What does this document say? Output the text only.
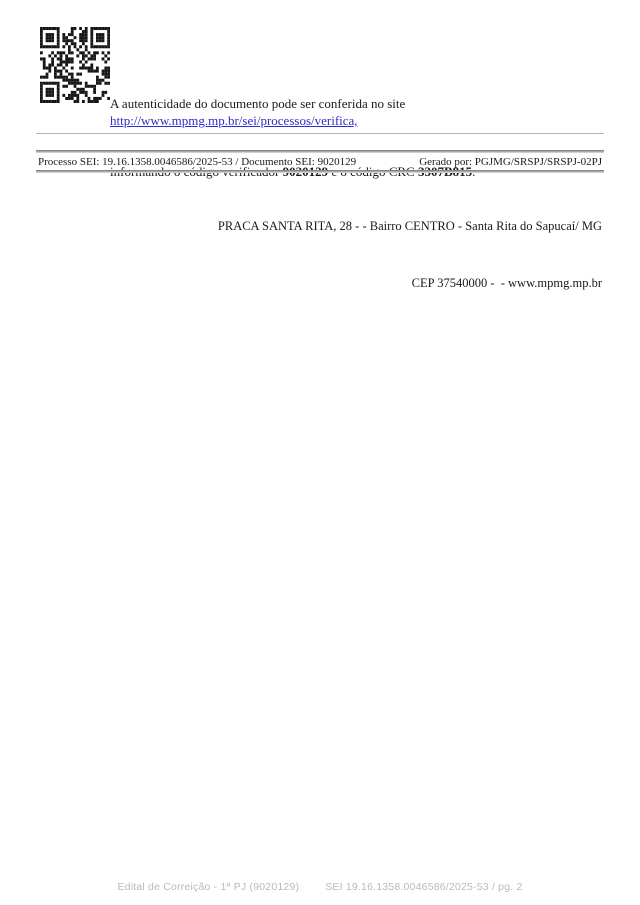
A autenticidade do documento pode ser conferida no site http://www.mpmg.mp.br/sei/processos/verifica,

Processo SEI: 19.16.1358.0046586/2025-53 / Documento SEI: 9020129	Gerado por: PGJMG/SRSPJ/SRSPJ-02PJ

PRACA SANTA RITA, 28 - - Bairro CENTRO - Santa Rita do Sapucaí/ MG

CEP 37540000 -  - www.mpmg.mp.br

Edital de Correição - 1ª PJ (9020129) SEI 19.16.1358.0046586/2025-53 / pg. 2
